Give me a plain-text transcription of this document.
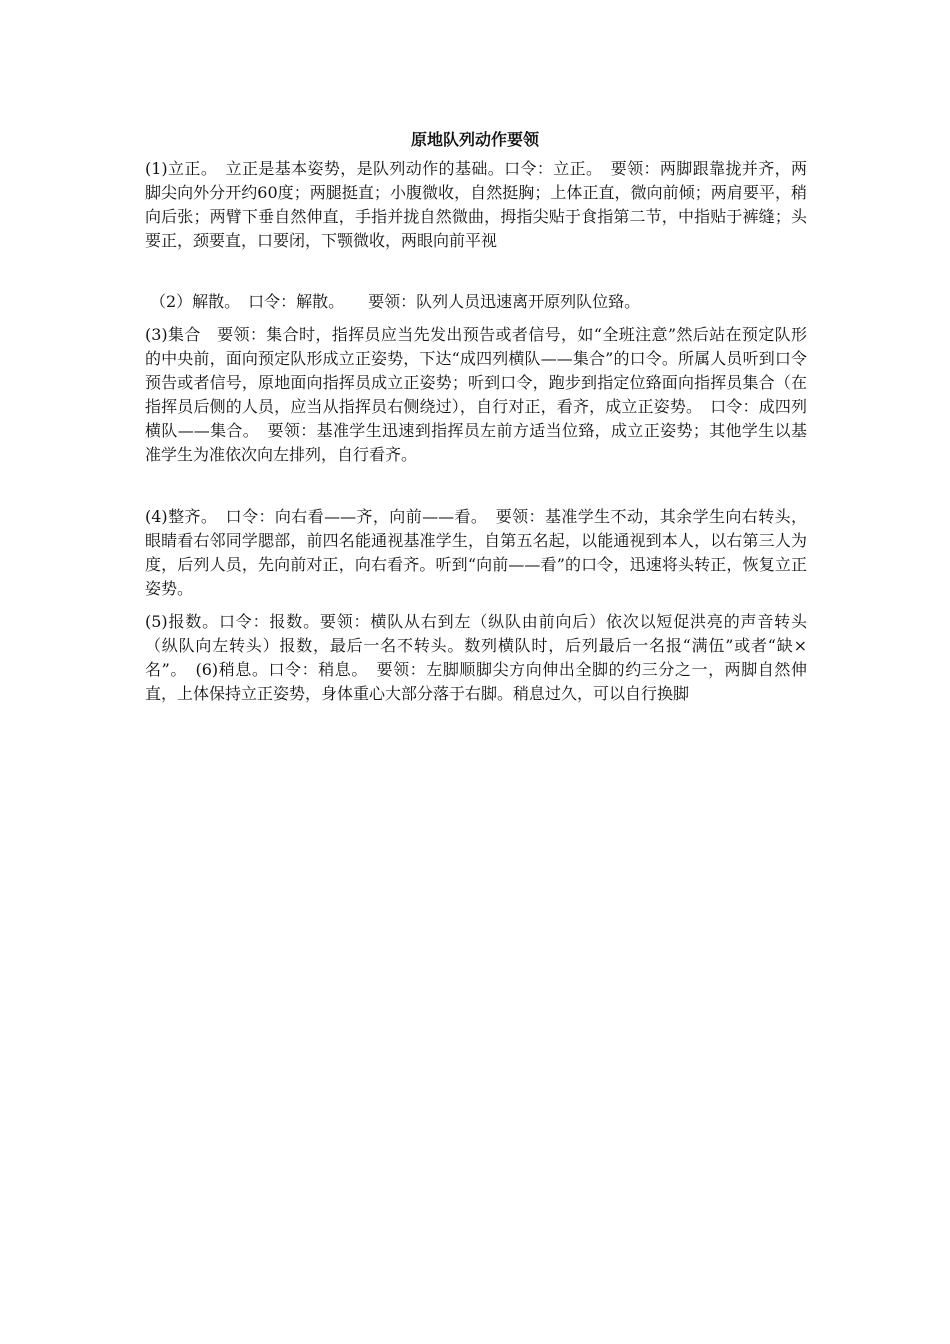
原地队列动作要领

(1)立正。　立正是基本姿势，是队列动作的基础。口令：立正。　要领：两脚跟靠拢并齐，两脚尖向外分开约60度；两腿挺直；小腹微收，自然挺胸；上体正直，微向前倾；两肩要平，稍向后张；两臂下垂自然伸直，手指并拢自然微曲，拇指尖贴于食指第二节，中指贴于裤缝；头要正，颈要直，口要闭，下颚微收，两眼向前平视

（2）解散。　口令：解散。　　要领：队列人员迅速离开原列队位臵。

(3)集合　要领：集合时，指挥员应当先发出预告或者信号，如“全班注意”然后站在预定队形的中央前，面向预定队形成立正姿势，下达“成四列横队——集合”的口令。所属人员听到口令预告或者信号，原地面向指挥员成立正姿势；听到口令，跑步到指定位臵面向指挥员集合（在指挥员后侧的人员，应当从指挥员右侧绕过），自行对正，看齐，成立正姿势。　口令：成四列横队——集合。　要领：基准学生迅速到指挥员左前方适当位臵，成立正姿势；其他学生以基准学生为准依次向左排列，自行看齐。

(4)整齐。　口令：向右看——齐，向前——看。　要领：基准学生不动，其余学生向右转头，眼睛看右邻同学腮部，前四名能通视基准学生，自第五名起，以能通视到本人，以右第三人为度，后列人员，先向前对正，向右看齐。听到“向前——看”的口令，迅速将头转正，恢复立正姿势。

(5)报数。口令：报数。要领：横队从右到左（纵队由前向后）依次以短促洪亮的声音转头（纵队向左转头）报数，最后一名不转头。数列横队时，后列最后一名报“满伍”或者“缺×名”。　(6)稍息。口令：稍息。　要领：左脚顺脚尖方向伸出全脚的约三分之一，两脚自然伸直，上体保持立正姿势，身体重心大部分落于右脚。稍息过久，可以自行换脚
